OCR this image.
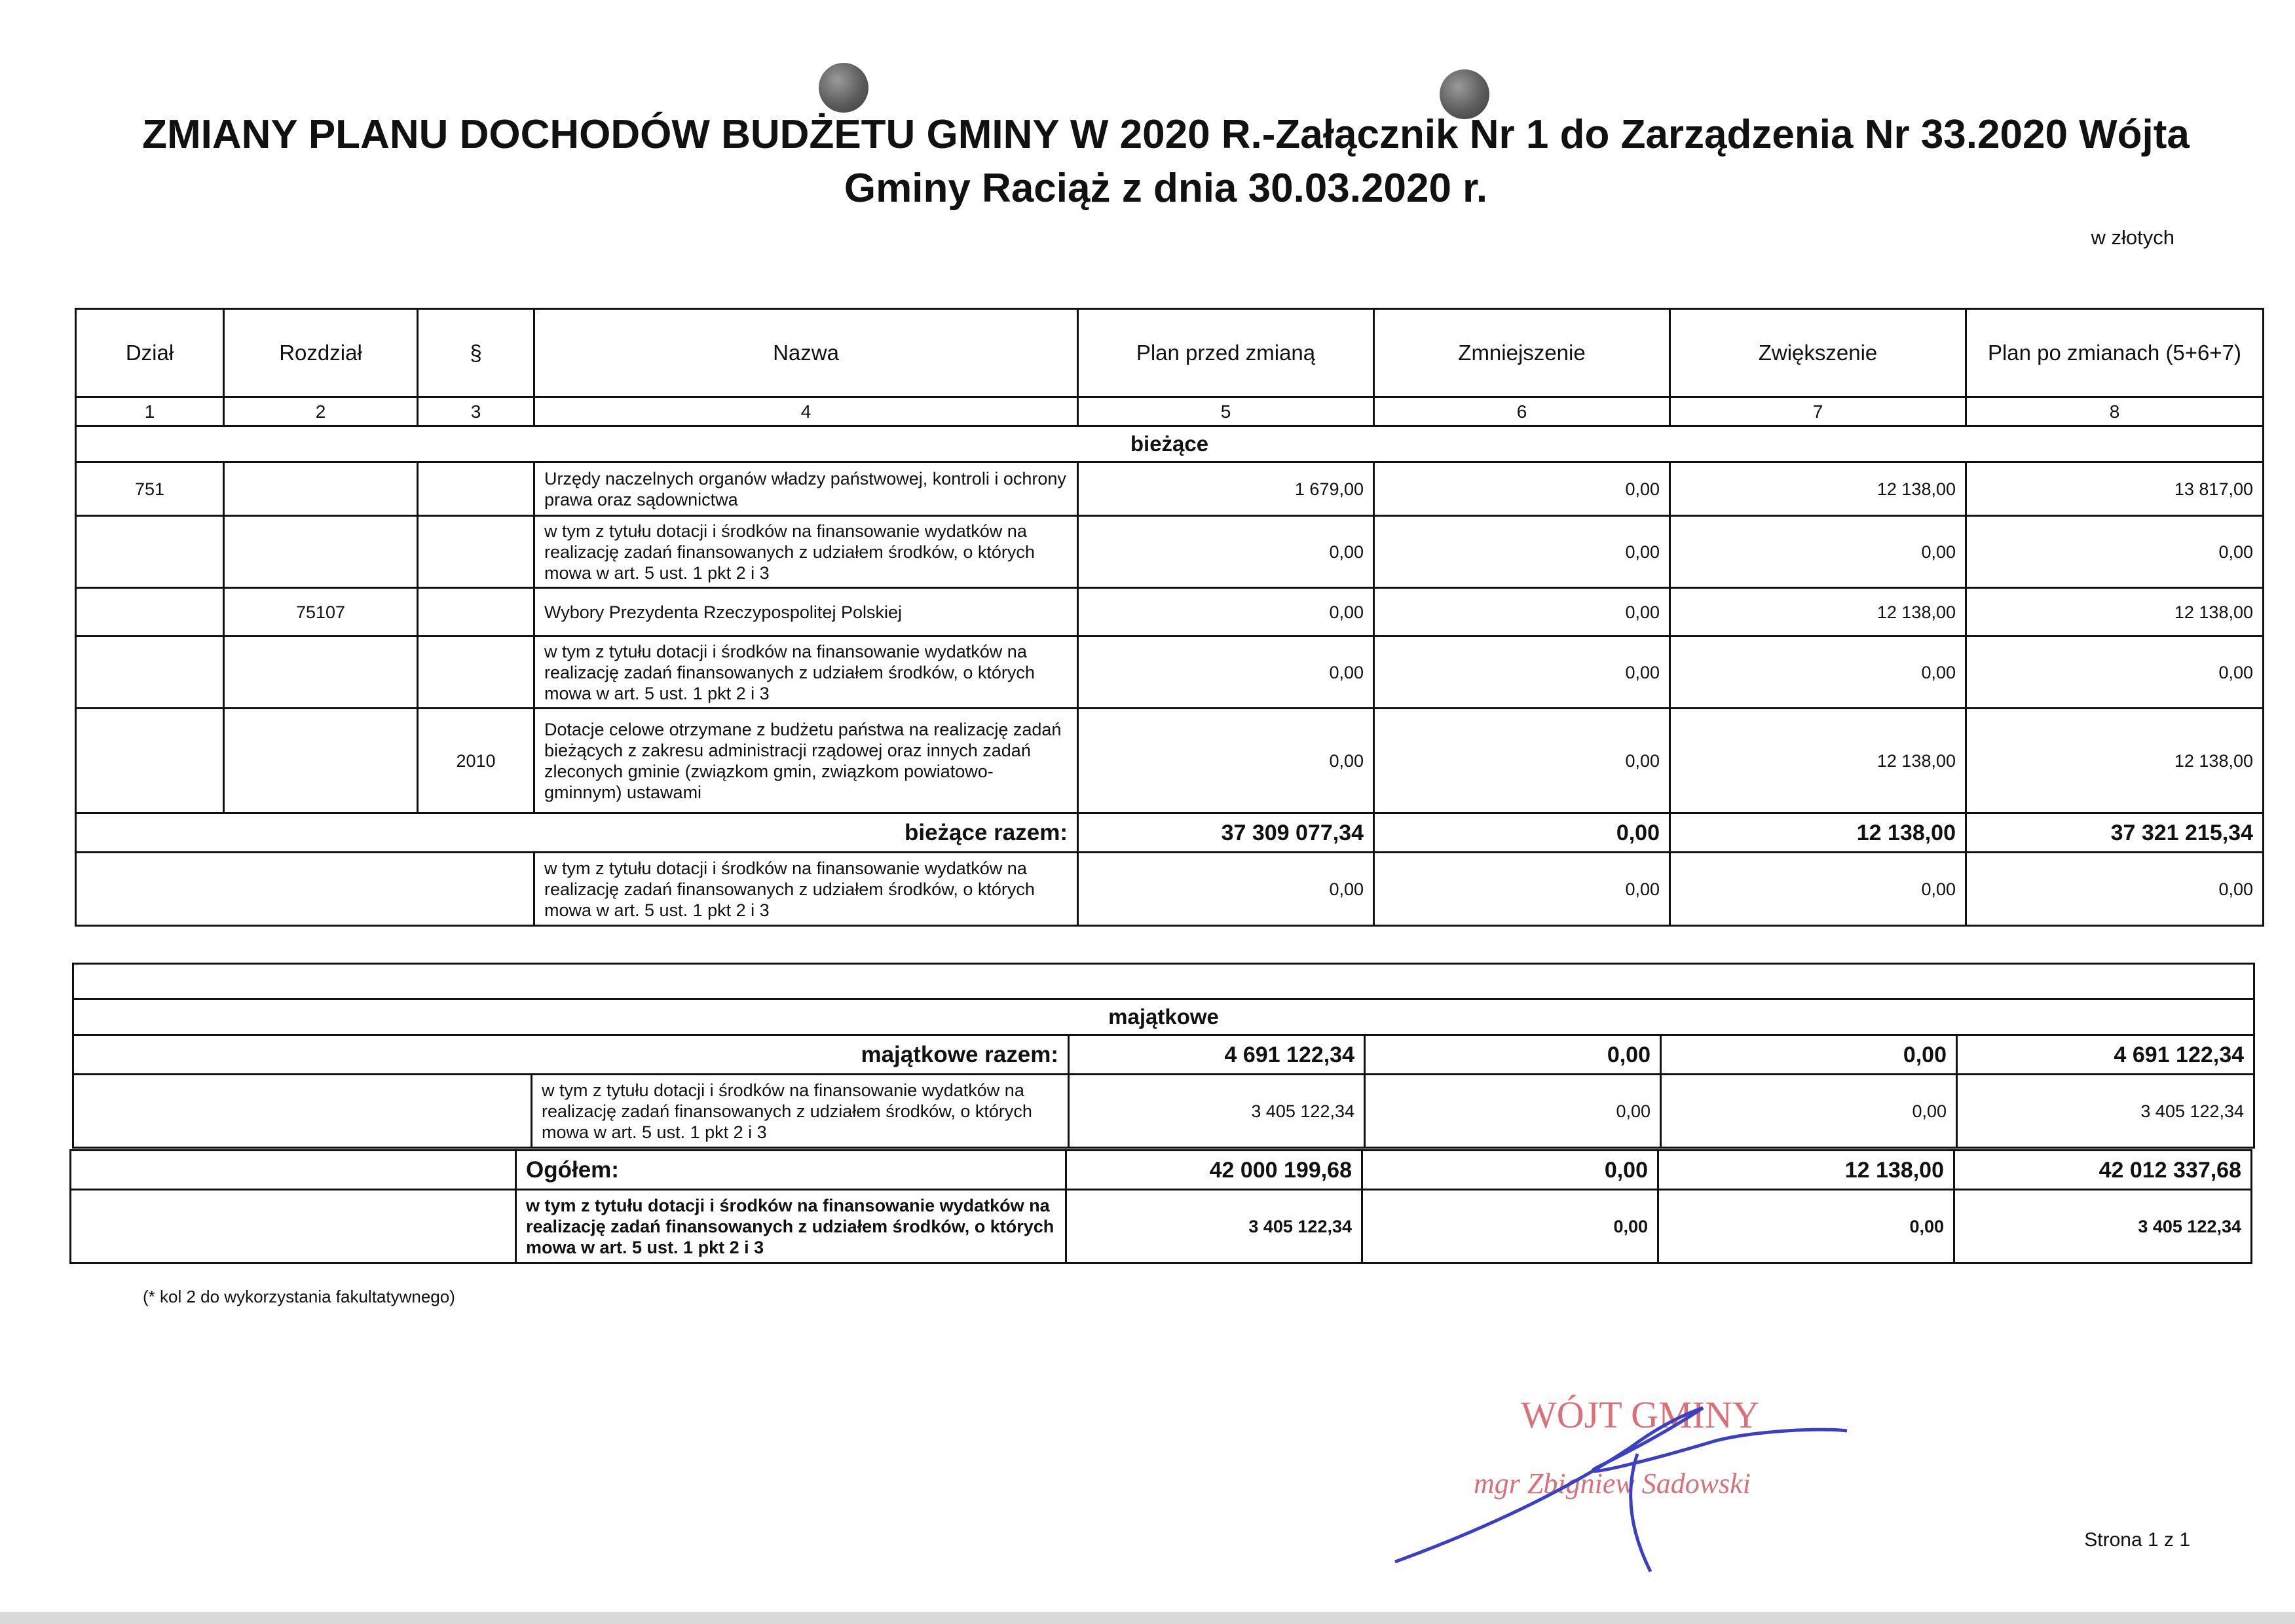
ZMIANY PLANU DOCHODÓW BUDŻETU GMINY W 2020 R.-Załącznik Nr 1 do Zarządzenia Nr 33.2020 Wójta Gminy Raciąż z dnia 30.03.2020 r.
w złotych
Dział	Rozdział	§	Nazwa	Plan przed zmianą	Zmniejszenie	Zwiększenie	Plan po zmianach (5+6+7)
1	2	3	4	5	6	7	8
bieżące							
751			Urzędy naczelnych organów władzy państwowej, kontroli i ochrony prawa oraz sądownictwa	1 679,00	0,00	12 138,00	13 817,00
			w tym z tytułu dotacji i środków na finansowanie wydatków na realizację zadań finansowanych z udziałem środków, o których mowa w art. 5 ust. 1 pkt 2 i 3	0,00	0,00	0,00	0,00
	75107		Wybory Prezydenta Rzeczypospolitej Polskiej	0,00	0,00	12 138,00	12 138,00
			w tym z tytułu dotacji i środków na finansowanie wydatków na realizację zadań finansowanych z udziałem środków, o których mowa w art. 5 ust. 1 pkt 2 i 3	0,00	0,00	0,00	0,00
		2010	Dotacje celowe otrzymane z budżetu państwa na realizację zadań bieżących z zakresu administracji rządowej oraz innych zadań zleconych gminie (związkom gmin, związkom powiatowo-gminnym) ustawami	0,00	0,00	12 138,00	12 138,00
bieżące razem:				37 309 077,34	0,00	12 138,00	37 321 215,34
			w tym z tytułu dotacji i środków na finansowanie wydatków na realizację zadań finansowanych z udziałem środków, o których mowa w art. 5 ust. 1 pkt 2 i 3	0,00	0,00	0,00	0,00

majątkowe					
majątkowe razem:		4 691 122,34	0,00	0,00	4 691 122,34
	w tym z tytułu dotacji i środków na finansowanie wydatków na realizację zadań finansowanych z udziałem środków, o których mowa w art. 5 ust. 1 pkt 2 i 3	3 405 122,34	0,00	0,00	3 405 122,34
	Ogółem:	42 000 199,68	0,00	12 138,00	42 012 337,68
	w tym z tytułu dotacji i środków na finansowanie wydatków na realizację zadań finansowanych z udziałem środków, o których mowa w art. 5 ust. 1 pkt 2 i 3	3 405 122,34	0,00	0,00	3 405 122,34
(* kol 2 do wykorzystania fakultatywnego)
WÓJT GMINY
mgr Zbigniew Sadowski
Strona 1 z 1
